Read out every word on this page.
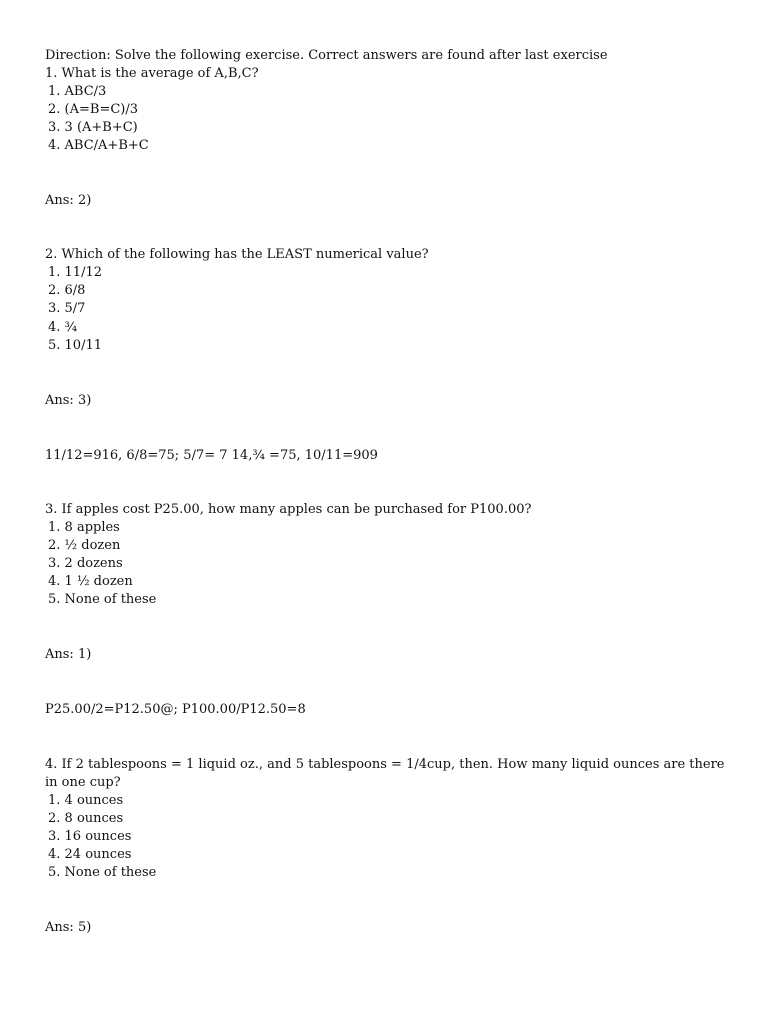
Direction: Solve the following exercise. Correct answers are found after last exercise
1. What is the average of A,B,C?
1. ABC/3
2. (A=B=C)/3
3. 3 (A+B+C)
4. ABC/A+B+C
Ans: 2)
2. Which of the following has the LEAST numerical value?
1. 11/12
2. 6/8
3. 5/7
4. ¾
5. 10/11
Ans: 3)
11/12=916, 6/8=75; 5/7= 7 14,¾ =75, 10/11=909
3. If apples cost P25.00, how many apples can be purchased for P100.00?
1. 8 apples
2. ½ dozen
3. 2 dozens
4. 1 ½ dozen
5. None of these
Ans: 1)
P25.00/2=P12.50@; P100.00/P12.50=8
4. If 2 tablespoons = 1 liquid oz., and 5 tablespoons = 1/4cup, then. How many liquid ounces are there in one cup?
1. 4 ounces
2. 8 ounces
3. 16 ounces
4. 24 ounces
5. None of these
Ans: 5)
